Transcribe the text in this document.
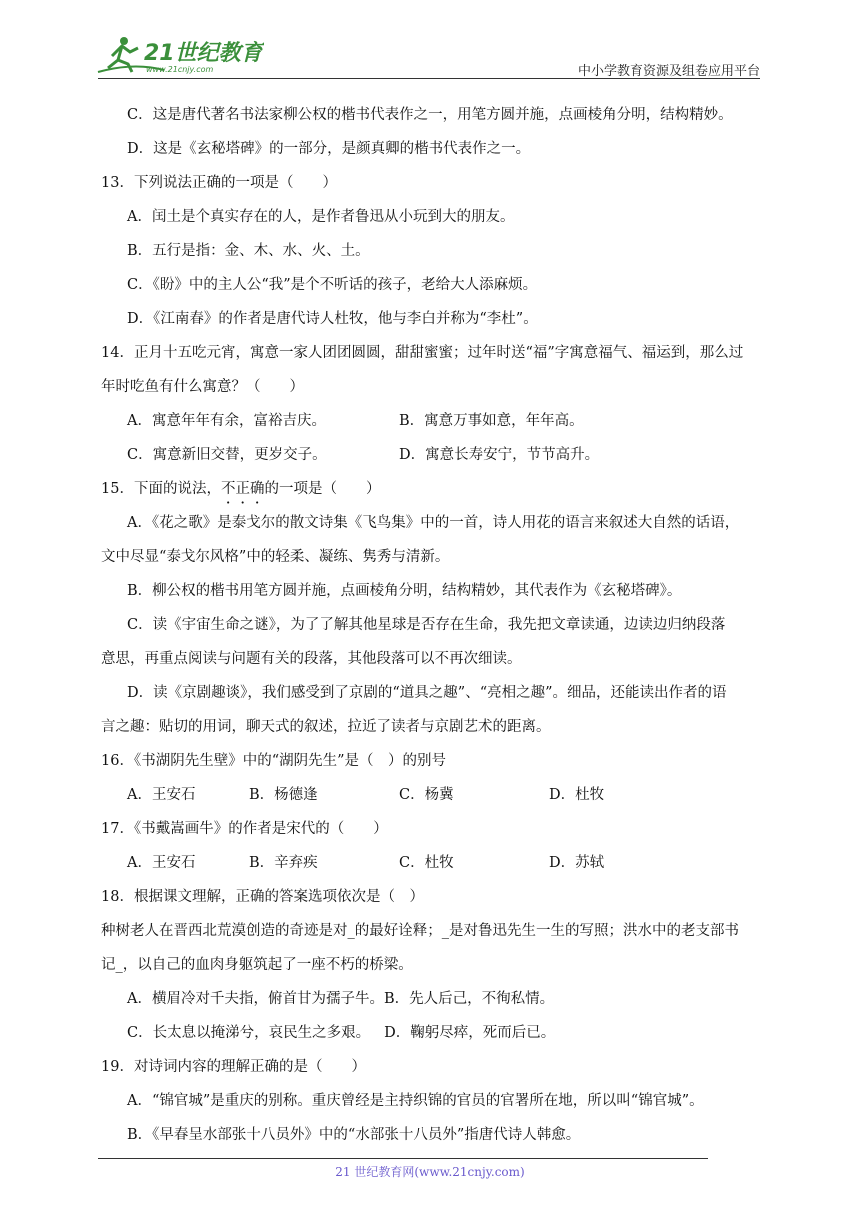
21世纪教育
www.21cnjy.com	中小学教育资源及组卷应用平台
C．这是唐代著名书法家柳公权的楷书代表作之一，用笔方圆并施，点画棱角分明，结构精妙。
D．这是《玄秘塔碑》的一部分，是颜真卿的楷书代表作之一。
13．下列说法正确的一项是（　　）
A．闰土是个真实存在的人，是作者鲁迅从小玩到大的朋友。
B．五行是指：金、木、水、火、土。
C．《盼》中的主人公“我”是个不听话的孩子，老给大人添麻烦。
D．《江南春》的作者是唐代诗人杜牧，他与李白并称为“李杜”。
14．正月十五吃元宵，寓意一家人团团圆圆，甜甜蜜蜜；过年时送“福”字寓意福气、福运到，那么过
年时吃鱼有什么寓意？（　　）
A．寓意年年有余，富裕吉庆。	B．寓意万事如意，年年高。
C．寓意新旧交替，更岁交子。	D．寓意长寿安宁，节节高升。
15．下面的说法，不正确的一项是（　　）
A．《花之歌》是泰戈尔的散文诗集《飞鸟集》中的一首，诗人用花的语言来叙述大自然的话语，
文中尽显“泰戈尔风格”中的轻柔、凝练、隽秀与清新。
B．柳公权的楷书用笔方圆并施，点画棱角分明，结构精妙，其代表作为《玄秘塔碑》。
C．读《宇宙生命之谜》，为了了解其他星球是否存在生命，我先把文章读通，边读边归纳段落
意思，再重点阅读与问题有关的段落，其他段落可以不再次细读。
D．读《京剧趣谈》，我们感受到了京剧的“道具之趣”、“亮相之趣”。细品，还能读出作者的语
言之趣：贴切的用词，聊天式的叙述，拉近了读者与京剧艺术的距离。
16．《书湖阴先生壁》中的“湖阴先生”是（　）的别号
A．王安石	B．杨德逢	C．杨冀	D．杜牧
17．《书戴嵩画牛》的作者是宋代的（　　）
A．王安石	B．辛弃疾	C．杜牧	D．苏轼
18．根据课文理解，正确的答案选项依次是（　）
种树老人在晋西北荒漠创造的奇迹是对_的最好诠释；_是对鲁迅先生一生的写照；洪水中的老支部书
记_，以自己的血肉身躯筑起了一座不朽的桥梁。
A．横眉冷对千夫指，俯首甘为孺子牛。 B．先人后己，不徇私情。
C．长太息以掩涕兮，哀民生之多艰。 D．鞠躬尽瘁，死而后已。
19．对诗词内容的理解正确的是（　　）
A．“锦官城”是重庆的别称。重庆曾经是主持织锦的官员的官署所在地，所以叫“锦官城”。
B．《早春呈水部张十八员外》中的“水部张十八员外”指唐代诗人韩愈。
21 世纪教育网(www.21cnjy.com)
